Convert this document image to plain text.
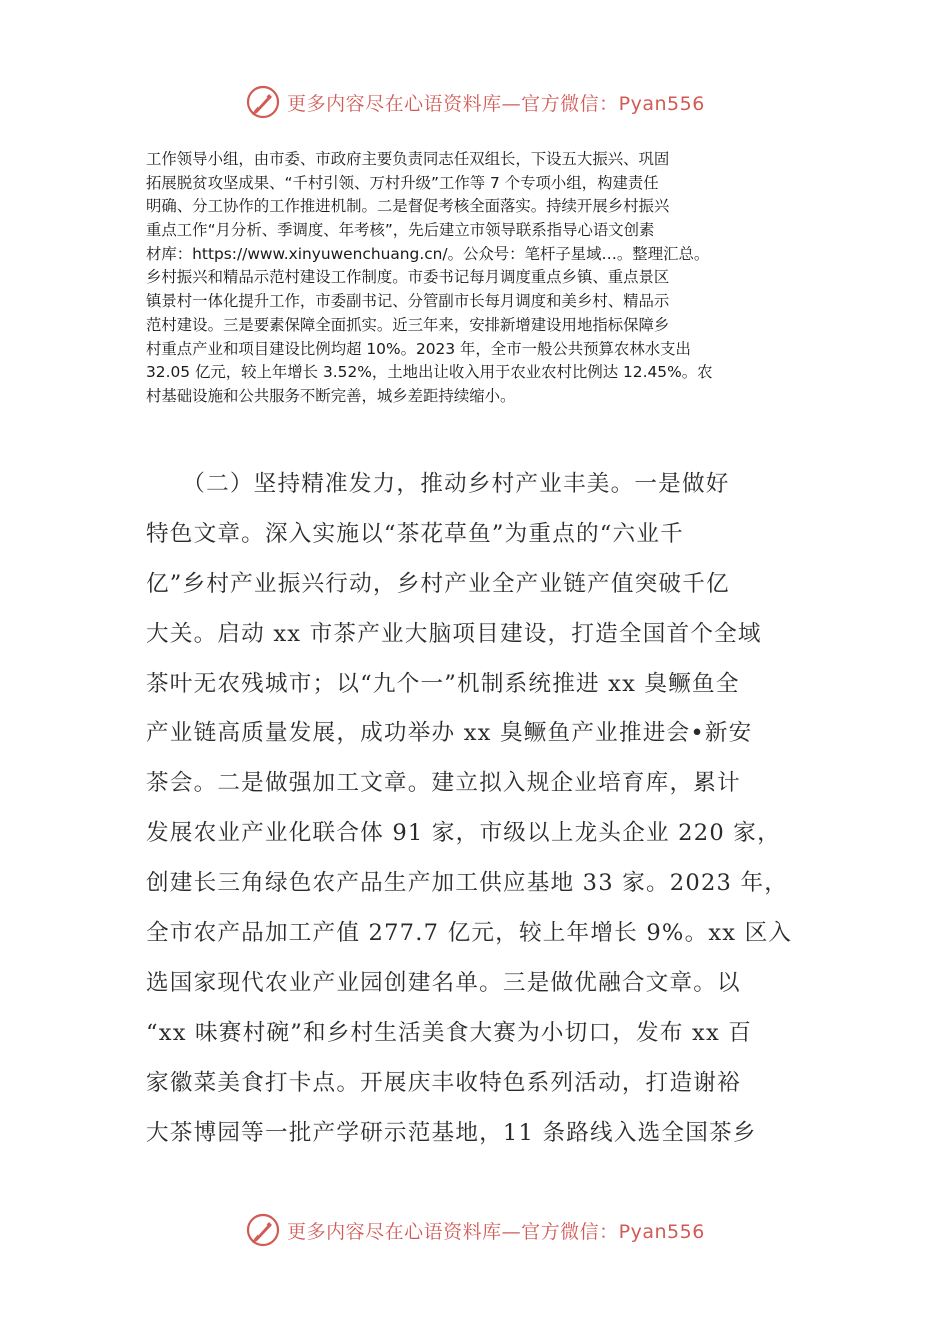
更多内容尽在心语资料库—官方微信：Pyan556
工作领导小组，由市委、市政府主要负责同志任双组长，下设五大振兴、巩固
拓展脱贫攻坚成果、“千村引领、万村升级”工作等 7 个专项小组，构建责任
明确、分工协作的工作推进机制。二是督促考核全面落实。持续开展乡村振兴
重点工作“月分析、季调度、年考核”，先后建立市领导联系指导心语文创素
材库：https://www.xinyuwenchuang.cn/。公众号：笔杆子星域…。整理汇总。
乡村振兴和精品示范村建设工作制度。市委书记每月调度重点乡镇、重点景区
镇景村一体化提升工作，市委副书记、分管副市长每月调度和美乡村、精品示
范村建设。三是要素保障全面抓实。近三年来，安排新增建设用地指标保障乡
村重点产业和项目建设比例均超 10%。2023 年，全市一般公共预算农林水支出
32.05 亿元，较上年增长 3.52%，土地出让收入用于农业农村比例达 12.45%。农
村基础设施和公共服务不断完善，城乡差距持续缩小。
　　（二）坚持精准发力，推动乡村产业丰美。一是做好
特色文章。深入实施以“茶花草鱼”为重点的“六业千
亿”乡村产业振兴行动，乡村产业全产业链产值突破千亿
大关。启动 xx 市茶产业大脑项目建设，打造全国首个全域
茶叶无农残城市；以“九个一”机制系统推进 xx 臭鳜鱼全
产业链高质量发展，成功举办 xx 臭鳜鱼产业推进会•新安
茶会。二是做强加工文章。建立拟入规企业培育库，累计
发展农业产业化联合体 91 家，市级以上龙头企业 220 家，
创建长三角绿色农产品生产加工供应基地 33 家。2023 年，
全市农产品加工产值 277.7 亿元，较上年增长 9%。xx 区入
选国家现代农业产业园创建名单。三是做优融合文章。以
“xx 味赛村碗”和乡村生活美食大赛为小切口，发布 xx 百
家徽菜美食打卡点。开展庆丰收特色系列活动，打造谢裕
大茶博园等一批产学研示范基地，11 条路线入选全国茶乡
更多内容尽在心语资料库—官方微信：Pyan556
